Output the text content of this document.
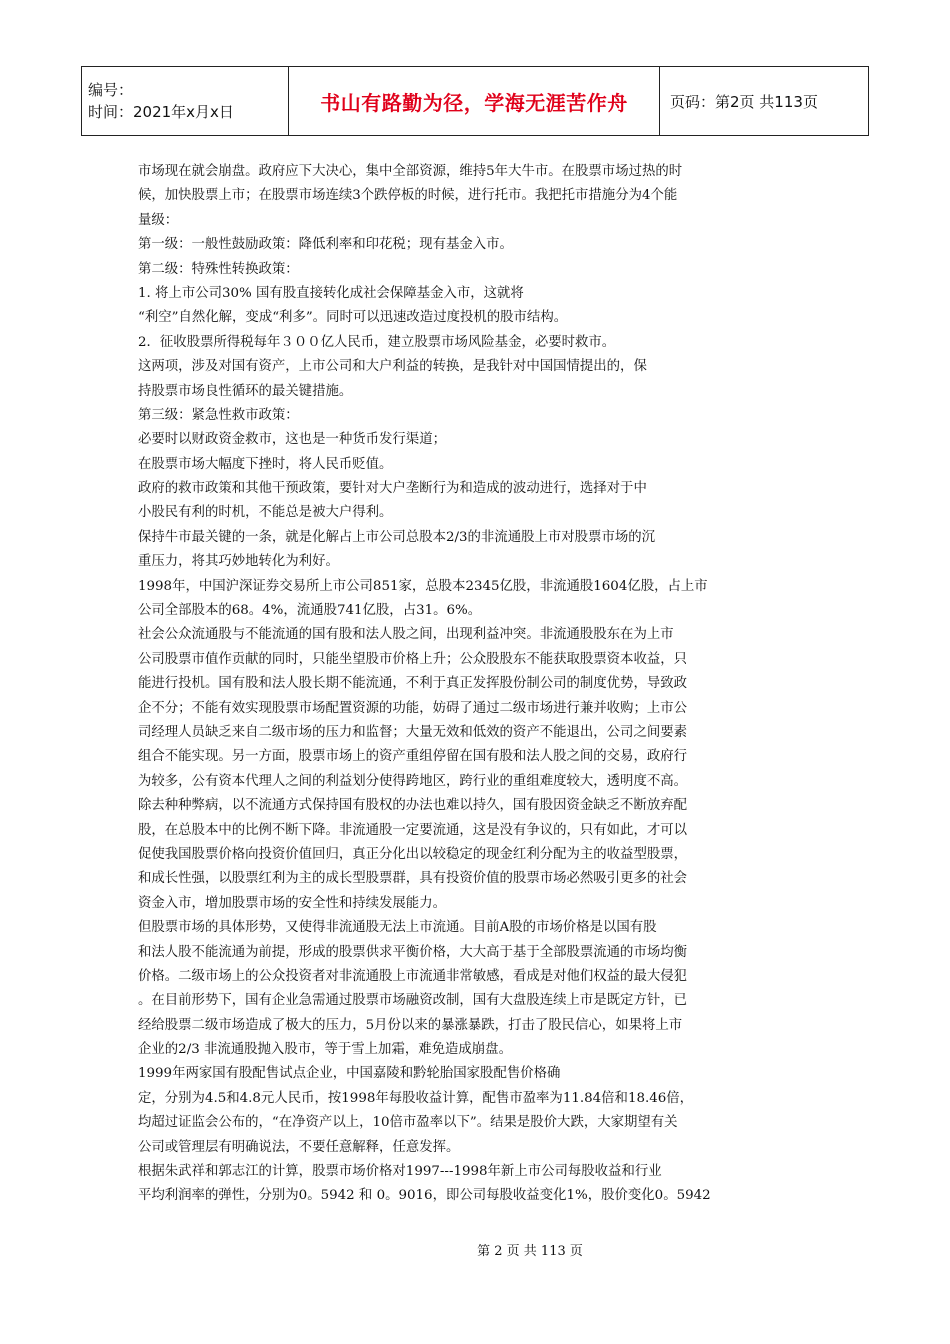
编号：
时间：2021年x月x日	书山有路勤为径，学海无涯苦作舟	页码：第2页 共113页
市场现在就会崩盘。政府应下大决心，集中全部资源，维持5年大牛市。在股票市场过热的时
候，加快股票上市；在股票市场连续3个跌停板的时候，进行托市。我把托市措施分为4个能
量级：
第一级：一般性鼓励政策：降低利率和印花税；现有基金入市。
第二级：特殊性转换政策：
1. 将上市公司30% 国有股直接转化成社会保障基金入市，这就将
“利空”自然化解，变成“利多”。同时可以迅速改造过度投机的股市结构。
2．征收股票所得税每年３００亿人民币，建立股票市场风险基金，必要时救市。
这两项，涉及对国有资产，上市公司和大户利益的转换，是我针对中国国情提出的，保
持股票市场良性循环的最关键措施。
第三级：紧急性救市政策：
必要时以财政资金救市，这也是一种货币发行渠道；
在股票市场大幅度下挫时，将人民币贬值。
政府的救市政策和其他干预政策，要针对大户垄断行为和造成的波动进行，选择对于中
小股民有利的时机，不能总是被大户得利。
保持牛市最关键的一条，就是化解占上市公司总股本2/3的非流通股上市对股票市场的沉
重压力，将其巧妙地转化为利好。
1998年，中国沪深证券交易所上市公司851家，总股本2345亿股，非流通股1604亿股，占上市
公司全部股本的68。4%，流通股741亿股，占31。6%。
社会公众流通股与不能流通的国有股和法人股之间，出现利益冲突。非流通股股东在为上市
公司股票市值作贡献的同时，只能坐望股市价格上升；公众股股东不能获取股票资本收益，只
能进行投机。国有股和法人股长期不能流通，不利于真正发挥股份制公司的制度优势，导致政
企不分；不能有效实现股票市场配置资源的功能，妨碍了通过二级市场进行兼并收购；上市公
司经理人员缺乏来自二级市场的压力和监督；大量无效和低效的资产不能退出，公司之间要素
组合不能实现。另一方面，股票市场上的资产重组停留在国有股和法人股之间的交易，政府行
为较多，公有资本代理人之间的利益划分使得跨地区，跨行业的重组难度较大，透明度不高。
除去种种弊病，以不流通方式保持国有股权的办法也难以持久，国有股因资金缺乏不断放弃配
股，在总股本中的比例不断下降。非流通股一定要流通，这是没有争议的，只有如此，才可以
促使我国股票价格向投资价值回归，真正分化出以较稳定的现金红利分配为主的收益型股票，
和成长性强，以股票红利为主的成长型股票群，具有投资价值的股票市场必然吸引更多的社会
资金入市，增加股票市场的安全性和持续发展能力。
但股票市场的具体形势，又使得非流通股无法上市流通。目前A股的市场价格是以国有股
和法人股不能流通为前提，形成的股票供求平衡价格，大大高于基于全部股票流通的市场均衡
价格。二级市场上的公众投资者对非流通股上市流通非常敏感，看成是对他们权益的最大侵犯
。在目前形势下，国有企业急需通过股票市场融资改制，国有大盘股连续上市是既定方针，已
经给股票二级市场造成了极大的压力，5月份以来的暴涨暴跌，打击了股民信心，如果将上市
企业的2/3 非流通股抛入股市，等于雪上加霜，难免造成崩盘。
1999年两家国有股配售试点企业，中国嘉陵和黔轮胎国家股配售价格确
定，分别为4.5和4.8元人民币，按1998年每股收益计算，配售市盈率为11.84倍和18.46倍，
均超过证监会公布的，“在净资产以上，10倍市盈率以下”。结果是股价大跌，大家期望有关
公司或管理层有明确说法，不要任意解释，任意发挥。
根据朱武祥和郭志江的计算，股票市场价格对1997---1998年新上市公司每股收益和行业
平均利润率的弹性，分别为0。5942 和 0。9016，即公司每股收益变化1%，股价变化0。5942
第 2 页 共 113 页
